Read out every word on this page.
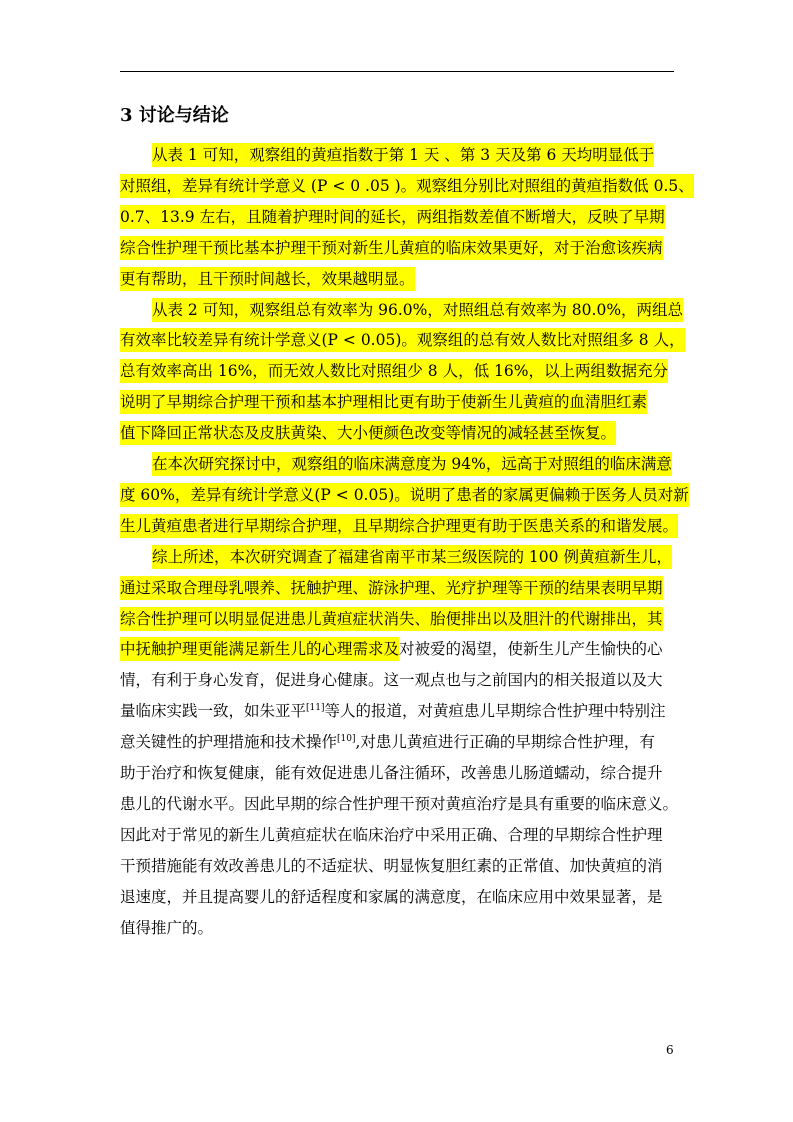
3 讨论与结论
从表 1 可知，观察组的黄疸指数于第 1 天 、第 3 天及第 6 天均明显低于
对照组，差异有统计学意义 (P < 0 .05 )。观察组分别比对照组的黄疸指数低 0.5、
0.7、13.9 左右，且随着护理时间的延长，两组指数差值不断增大，反映了早期
综合性护理干预比基本护理干预对新生儿黄疸的临床效果更好，对于治愈该疾病
更有帮助，且干预时间越长，效果越明显。
从表 2 可知，观察组总有效率为 96.0%，对照组总有效率为 80.0%，两组总
有效率比较差异有统计学意义(P < 0.05)。观察组的总有效人数比对照组多 8 人，
总有效率高出 16%，而无效人数比对照组少 8 人，低 16%，以上两组数据充分
说明了早期综合护理干预和基本护理相比更有助于使新生儿黄疸的血清胆红素
值下降回正常状态及皮肤黄染、大小便颜色改变等情况的减轻甚至恢复。
在本次研究探讨中，观察组的临床满意度为 94%，远高于对照组的临床满意
度 60%，差异有统计学意义(P < 0.05)。说明了患者的家属更偏赖于医务人员对新
生儿黄疸患者进行早期综合护理，且早期综合护理更有助于医患关系的和谐发展。
综上所述，本次研究调查了福建省南平市某三级医院的 100 例黄疸新生儿，
通过采取合理母乳喂养、抚触护理、游泳护理、光疗护理等干预的结果表明早期
综合性护理可以明显促进患儿黄疸症状消失、胎便排出以及胆汁的代谢排出，其
中抚触护理更能满足新生儿的心理需求及对被爱的渴望，使新生儿产生愉快的心
情，有利于身心发育，促进身心健康。这一观点也与之前国内的相关报道以及大
量临床实践一致，如朱亚平[11]等人的报道，对黄疸患儿早期综合性护理中特别注
意关键性的护理措施和技术操作[10],对患儿黄疸进行正确的早期综合性护理，有
助于治疗和恢复健康，能有效促进患儿备注循环，改善患儿肠道蠕动，综合提升
患儿的代谢水平。因此早期的综合性护理干预对黄疸治疗是具有重要的临床意义。
因此对于常见的新生儿黄疸症状在临床治疗中采用正确、合理的早期综合性护理
干预措施能有效改善患儿的不适症状、明显恢复胆红素的正常值、加快黄疸的消
退速度，并且提高婴儿的舒适程度和家属的满意度，在临床应用中效果显著，是
值得推广的。
6
